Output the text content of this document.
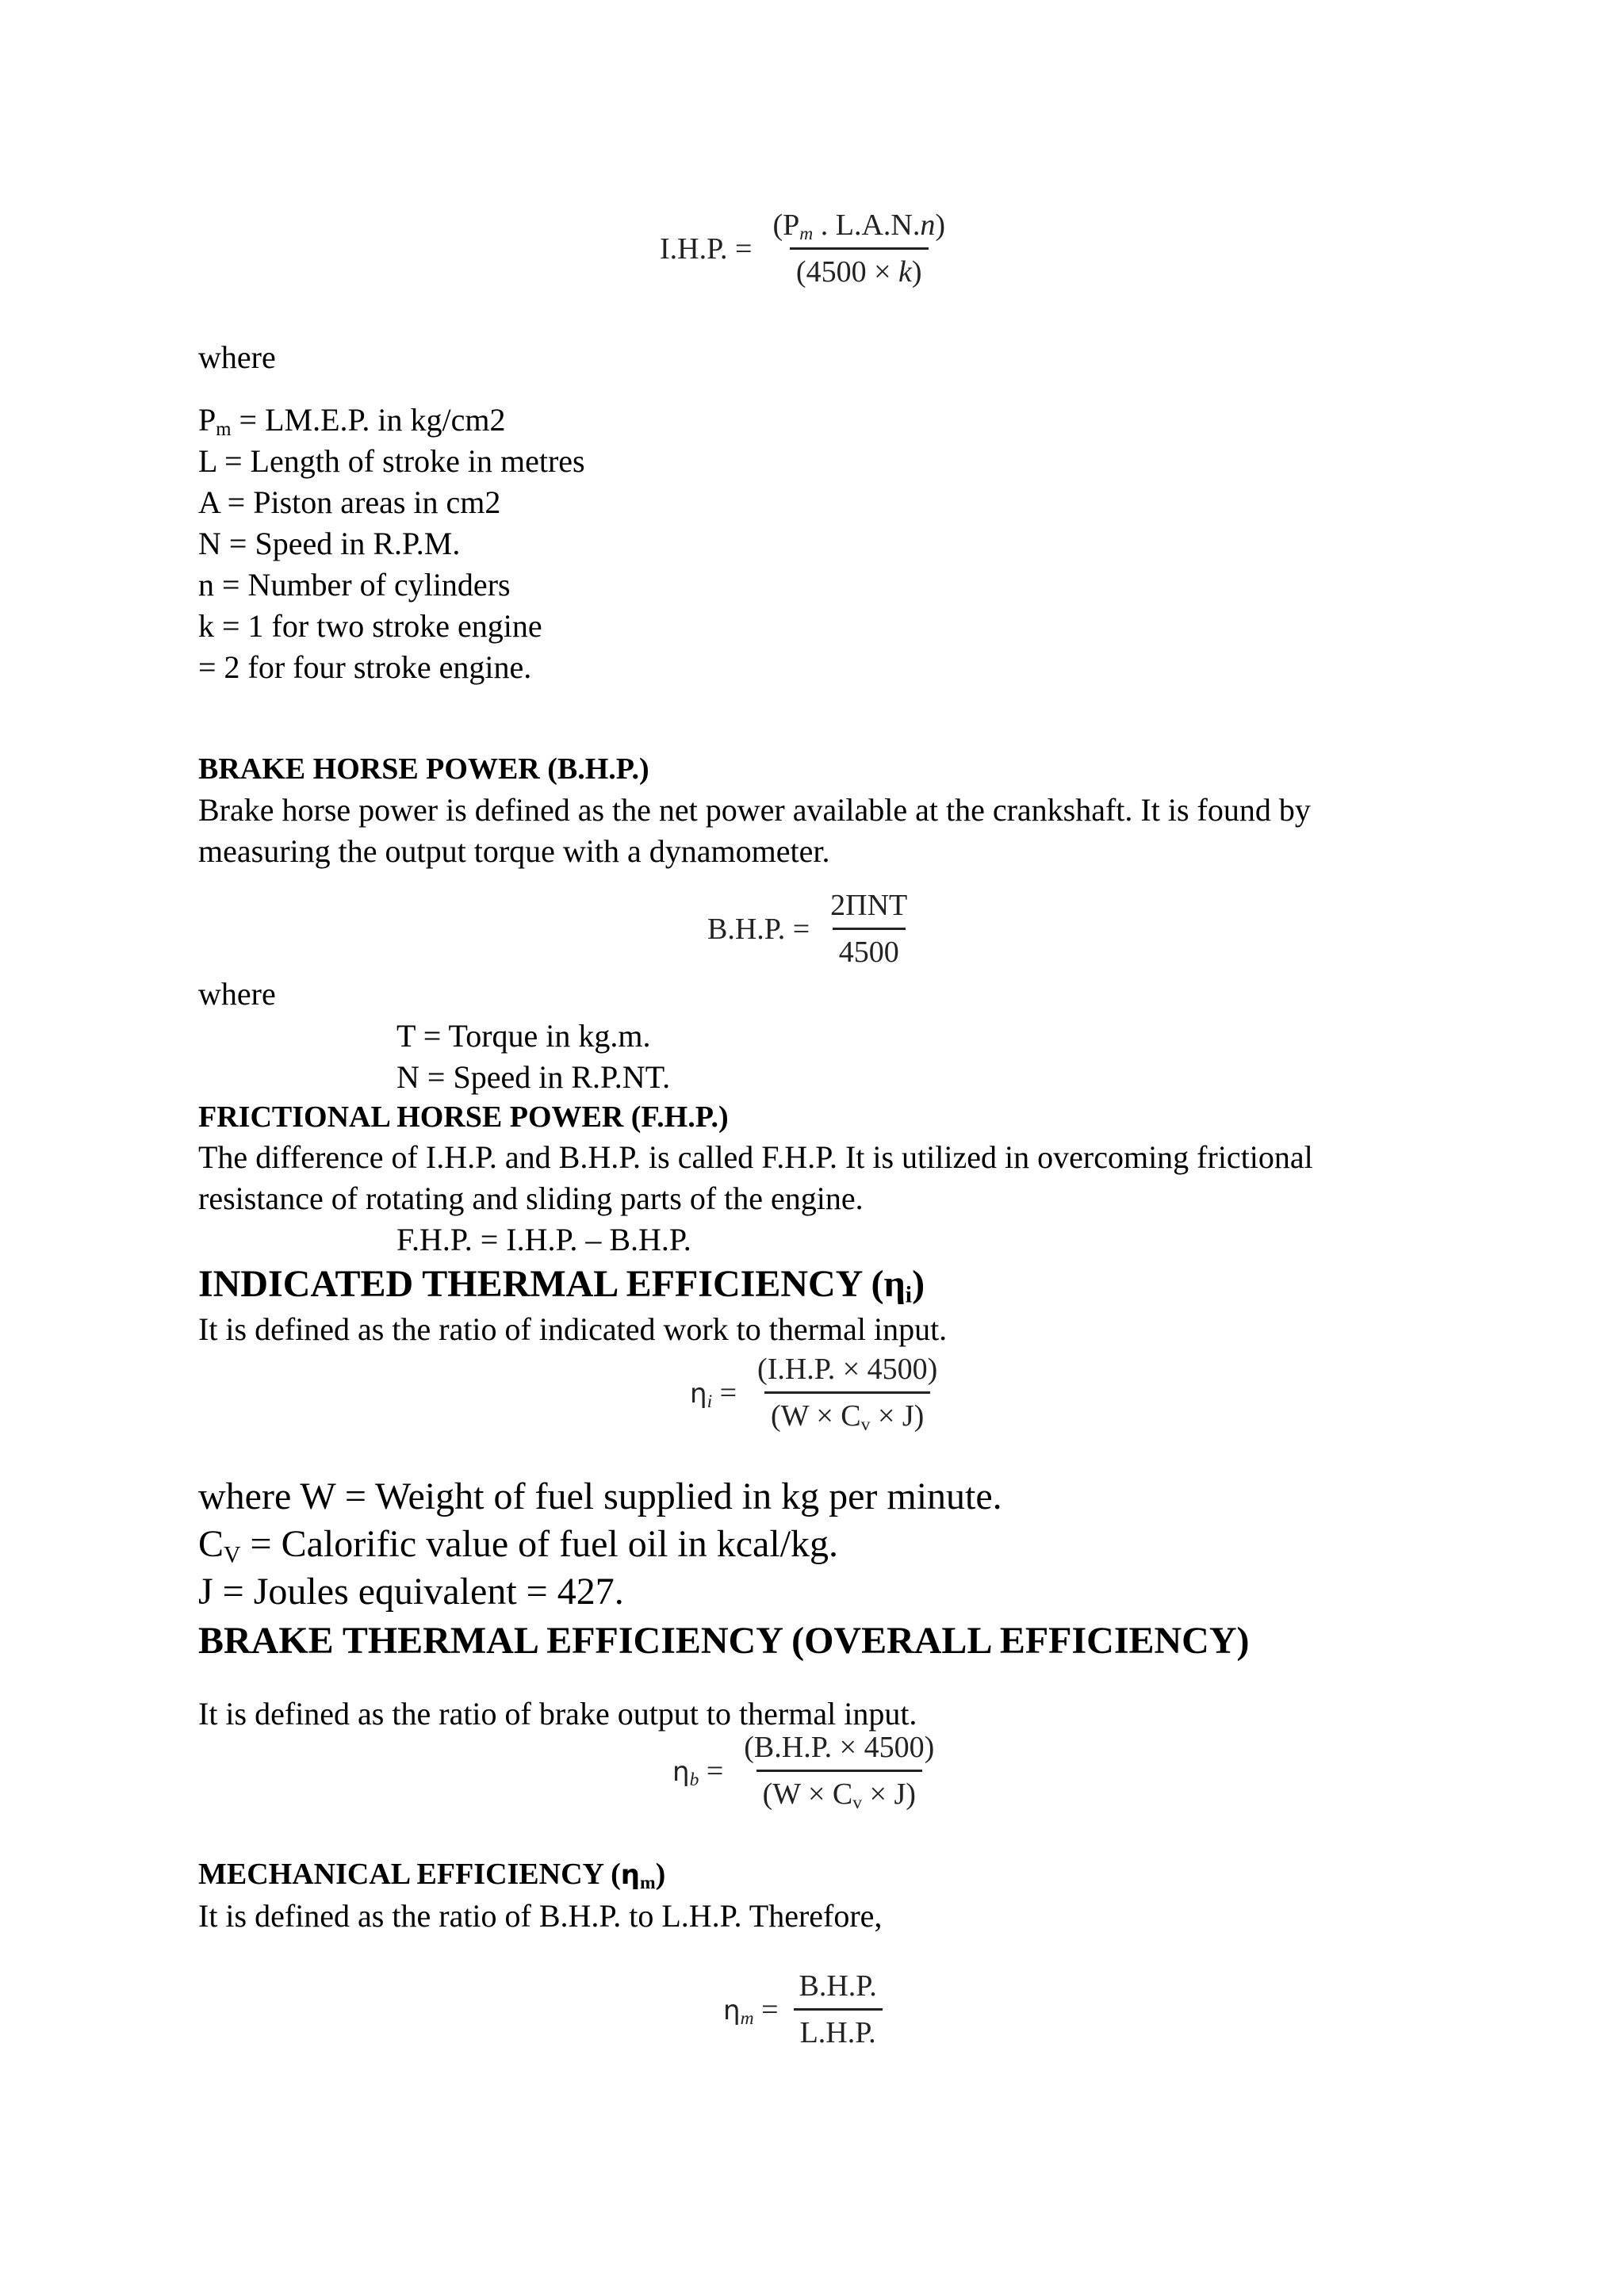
I.H.P. = $\frac{(P_m . L.A.N.n)}{(4500 \times k)}$
where
$P_m = LM.E.P$. in kg/cm2
L = Length of stroke in metres
A = Piston areas in cm2
N = Speed in R.P.M.
n = Number of cylinders
k = 1 for two stroke engine
= 2 for four stroke engine.
BRAKE HORSE POWER (B.H.P.)
Brake horse power is defined as the net power available at the crankshaft. It is found by
measuring the output torque with a dynamometer.
B.H.P. = $\frac{\text{2ΠNT}}{4500}$
where
T = Torque in kg.m.
N = Speed in R.P.NT.
FRICTIONAL HORSE POWER (F.H.P.)
The difference of I.H.P. and B.H.P. is called F.H.P. It is utilized in overcoming frictional
resistance of rotating and sliding parts of the engine.
F.H.P. = I.H.P. – B.H.P.
INDICATED THERMAL EFFICIENCY $(\eta_i)$
It is defined as the ratio of indicated work to thermal input.
$\eta_i = \frac{(I.H.P. \times 4500)}{(W \times C_v \times J)}$
where W = Weight of fuel supplied in kg per minute.
$C_V$ = Calorific value of fuel oil in kcal/kg.
J = Joules equivalent = 427.
BRAKE THERMAL EFFICIENCY (OVERALL EFFICIENCY)
It is defined as the ratio of brake output to thermal input.
$\eta_b = \frac{(B.H.P. \times 4500)}{(W \times C_v \times J)}$
MECHANICAL EFFICIENCY $(\eta_m)$
It is defined as the ratio of B.H.P. to L.H.P. Therefore,
$\eta_m = \frac{B.H.P.}{L.H.P.}$
